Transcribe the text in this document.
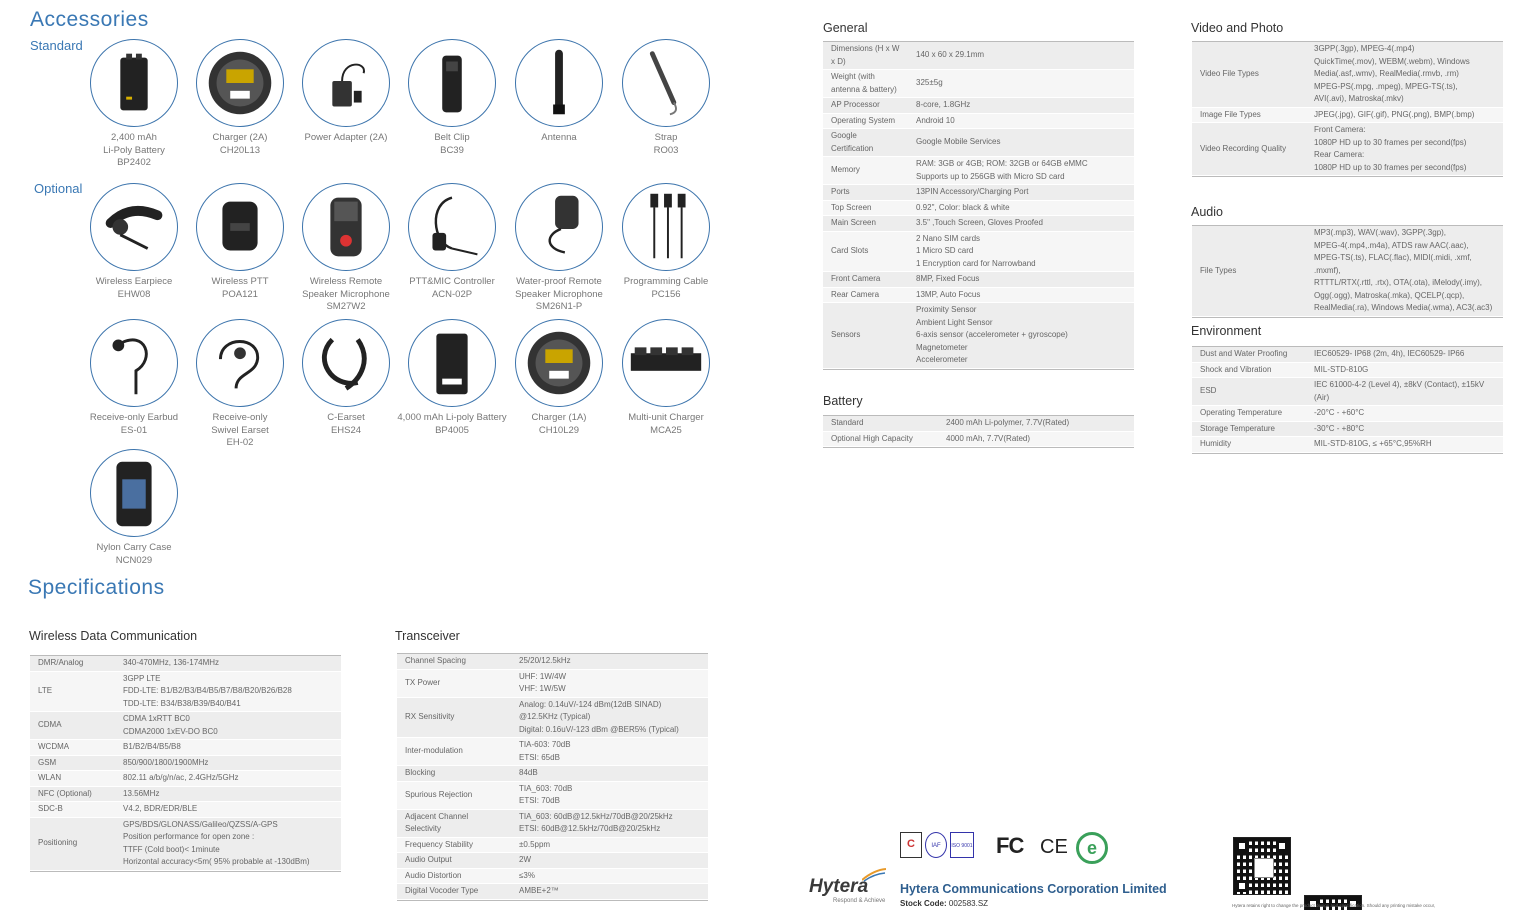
Accessories
Standard
Optional
2,400 mAh
Li-Poly Battery
BP2402
Charger (2A)
CH20L13
Power Adapter (2A)	Belt Clip
BC39
Antenna	Strap
RO03
Wireless Earpiece
EHW08
Wireless PTT
POA121
Wireless Remote
Speaker Microphone
SM27W2
PTT&MIC Controller
ACN-02P
Water-proof Remote
Speaker Microphone
SM26N1-P
Programming Cable
PC156
Receive-only Earbud
ES-01
Receive-only
Swivel Earset
EH-02
C-Earset
EHS24
4,000 mAh Li-poly Battery
BP4005
Charger (1A)
CH10L29
Multi-unit Charger
MCA25
Nylon Carry Case
NCN029
Specifications
Wireless Data Communication
DMR/Analog	340-470MHz, 136-174MHz

LTE	3GPP LTE
FDD-LTE: B1/B2/B3/B4/B5/B7/B8/B20/B26/B28
TDD-LTE: B34/B38/B39/B40/B41

CDMA	CDMA 1xRTT BC0
CDMA2000 1xEV-DO BC0

WCDMA	B1/B2/B4/B5/B8

GSM	850/900/1800/1900MHz

WLAN	802.11 a/b/g/n/ac, 2.4GHz/5GHz

NFC (Optional)	13.56MHz

SDC-B	V4.2, BDR/EDR/BLE

Positioning	GPS/BDS/GLONASS/Galileo/QZSS/A-GPS
Position performance for open zone :
TTFF (Cold boot)< 1minute
Horizontal accuracy<5m( 95% probable at -130dBm)
Transceiver
Channel Spacing	25/20/12.5kHz

TX Power	UHF: 1W/4W
VHF: 1W/5W

RX Sensitivity	Analog: 0.14uV/-124 dBm(12dB SINAD)
@12.5KHz (Typical)
Digital: 0.16uV/-123 dBm @BER5% (Typical)

Inter-modulation	TIA-603: 70dB
ETSI: 65dB

Blocking	84dB

Spurious Rejection	TIA_603: 70dB
ETSI: 70dB

Adjacent Channel Selectivity	TIA_603: 60dB@12.5kHz/70dB@20/25kHz
ETSI: 60dB@12.5kHz/70dB@20/25kHz

Frequency Stability	±0.5ppm

Audio Output	2W

Audio Distortion	≤3%

Digital Vocoder Type	AMBE+2™
General
Dimensions (H x W x D)	140 x 60 x 29.1mm

Weight (with antenna & battery)	325±5g

AP Processor	8-core, 1.8GHz

Operating System	Android 10

Google Certification	Google Mobile Services

Memory	RAM: 3GB or 4GB; ROM: 32GB or 64GB eMMC
Supports up to 256GB with Micro SD card

Ports	13PIN Accessory/Charging Port

Top Screen	0.92", Color: black & white

Main Screen	3.5" ,Touch Screen, Gloves Proofed

Card Slots	2 Nano SIM cards
1 Micro SD card
1 Encryption card for Narrowband

Front Camera	8MP, Fixed Focus

Rear Camera	13MP, Auto Focus

Sensors	Proximity Sensor
Ambient Light Sensor
6-axis sensor (accelerometer + gyroscope)
Magnetometer
Accelerometer
Battery
Standard	2400 mAh Li-polymer, 7.7V(Rated)

Optional High Capacity	4000 mAh, 7.7V(Rated)
Video and Photo
Video File Types	3GPP(.3gp), MPEG-4(.mp4)
QuickTime(.mov), WEBM(.webm), Windows
Media(.asf,.wmv), RealMedia(.rmvb, .rm)
MPEG-PS(.mpg, .mpeg), MPEG-TS(.ts),
AVI(.avi), Matroska(.mkv)

Image File Types	JPEG(.jpg), GIF(.gif), PNG(.png), BMP(.bmp)

Video Recording Quality	Front Camera:
1080P HD up to 30 frames per second(fps)
Rear Camera:
1080P HD up to 30 frames per second(fps)
Audio
File Types	
MP3(.mp3), WAV(.wav), 3GPP(.3gp),
MPEG-4(.mp4,.m4a), ATDS raw AAC(.aac),
MPEG-TS(.ts), FLAC(.flac), MIDI(.midi, .xmf, .mxmf),
RTTTL/RTX(.rttl, .rtx), OTA(.ota), iMelody(.imy),
Ogg(.ogg), Matroska(.mka), QCELP(.qcp),
RealMedia(.ra), Windows Media(.wma), AC3(.ac3)
Environment
Dust and Water Proofing	IEC60529- IP68 (2m, 4h), IEC60529- IP66

Shock and Vibration	MIL-STD-810G

ESD	IEC 61000-4-2 (Level 4), ±8kV (Contact), ±15kV (Air)

Operating Temperature	-20°C - +60°C

Storage Temperature	-30°C - +80°C

Humidity	MIL-STD-810G, ≤ +65°C,95%RH
C	IAF	ISO 9001 FC CE	e
Hytera
Respond & Achieve
Hytera Communications Corporation Limited
Stock Code: 002583.SZ	Hytera retains right to change the product design and specification. Should any printing mistake occur,
